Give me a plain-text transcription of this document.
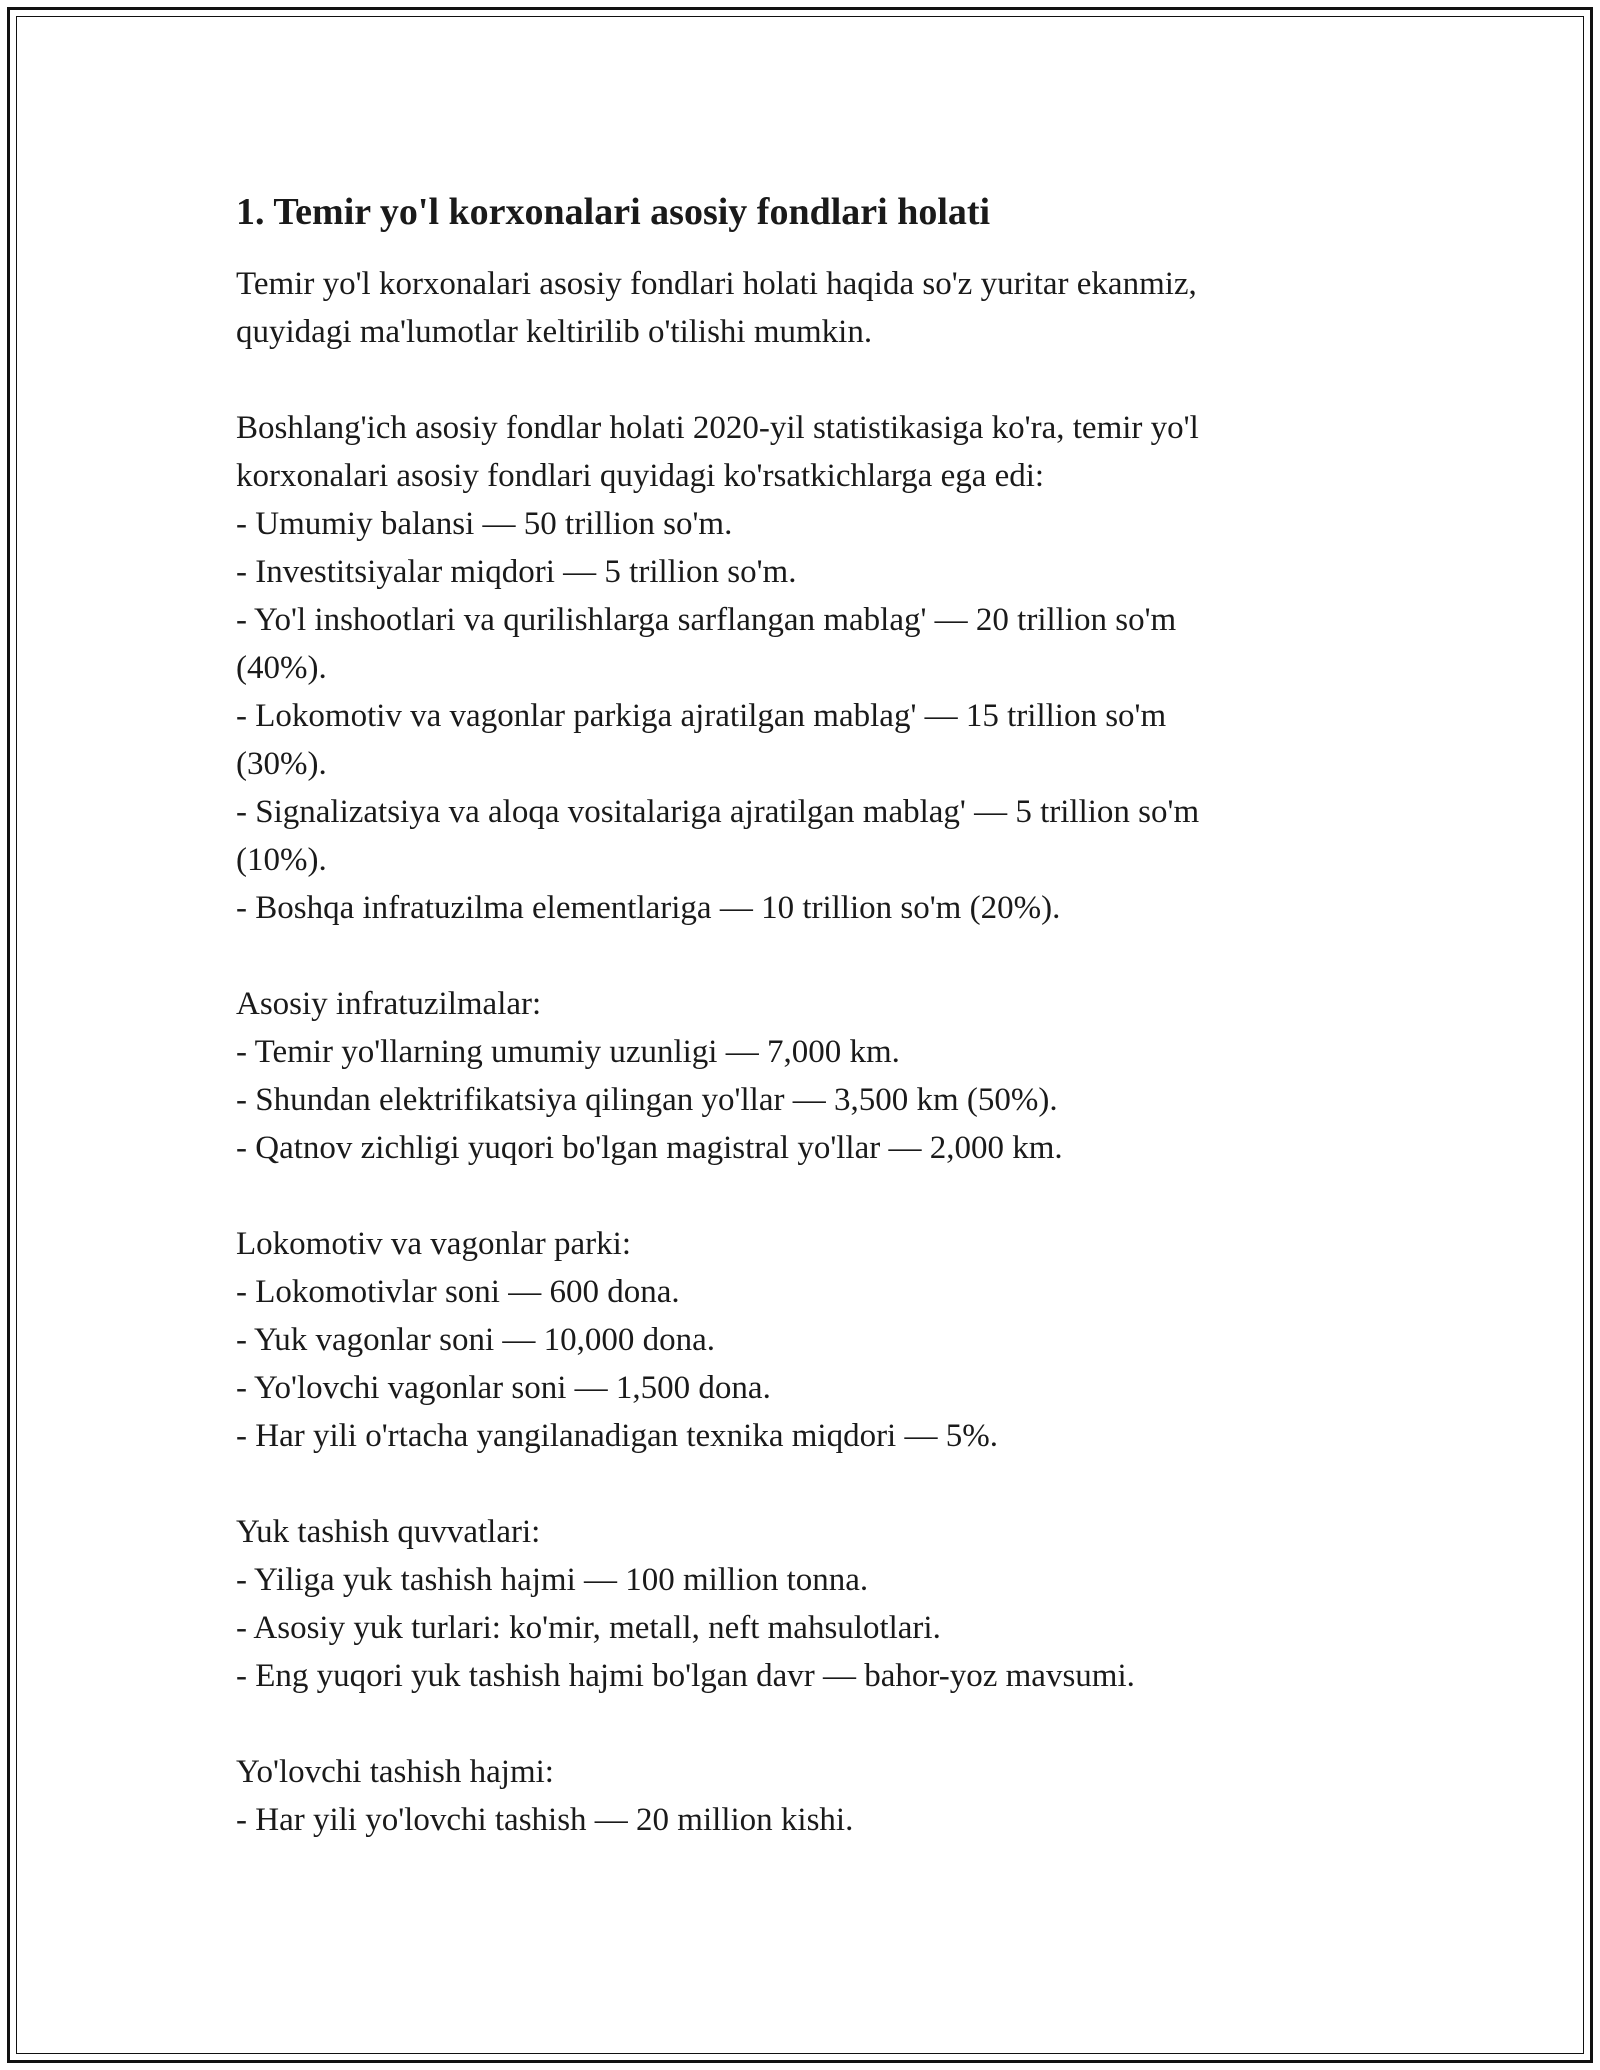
1. Temir yo'l korxonalari asosiy fondlari holati

Temir yo'l korxonalari asosiy fondlari holati haqida so'z yuritar ekanmiz,
quyidagi ma'lumotlar keltirilib o'tilishi mumkin.

Boshlang'ich asosiy fondlar holati 2020-yil statistikasiga ko'ra, temir yo'l
korxonalari asosiy fondlari quyidagi ko'rsatkichlarga ega edi:
- Umumiy balansi — 50 trillion so'm.
- Investitsiyalar miqdori — 5 trillion so'm.
- Yo'l inshootlari va qurilishlarga sarflangan mablag' — 20 trillion so'm
(40%).
- Lokomotiv va vagonlar parkiga ajratilgan mablag' — 15 trillion so'm
(30%).
- Signalizatsiya va aloqa vositalariga ajratilgan mablag' — 5 trillion so'm
(10%).
- Boshqa infratuzilma elementlariga — 10 trillion so'm (20%).

Asosiy infratuzilmalar:
- Temir yo'llarning umumiy uzunligi — 7,000 km.
- Shundan elektrifikatsiya qilingan yo'llar — 3,500 km (50%).
- Qatnov zichligi yuqori bo'lgan magistral yo'llar — 2,000 km.

Lokomotiv va vagonlar parki:
- Lokomotivlar soni — 600 dona.
- Yuk vagonlar soni — 10,000 dona.
- Yo'lovchi vagonlar soni — 1,500 dona.
- Har yili o'rtacha yangilanadigan texnika miqdori — 5%.

Yuk tashish quvvatlari:
- Yiliga yuk tashish hajmi — 100 million tonna.
- Asosiy yuk turlari: ko'mir, metall, neft mahsulotlari.
- Eng yuqori yuk tashish hajmi bo'lgan davr — bahor-yoz mavsumi.

Yo'lovchi tashish hajmi:
- Har yili yo'lovchi tashish — 20 million kishi.
